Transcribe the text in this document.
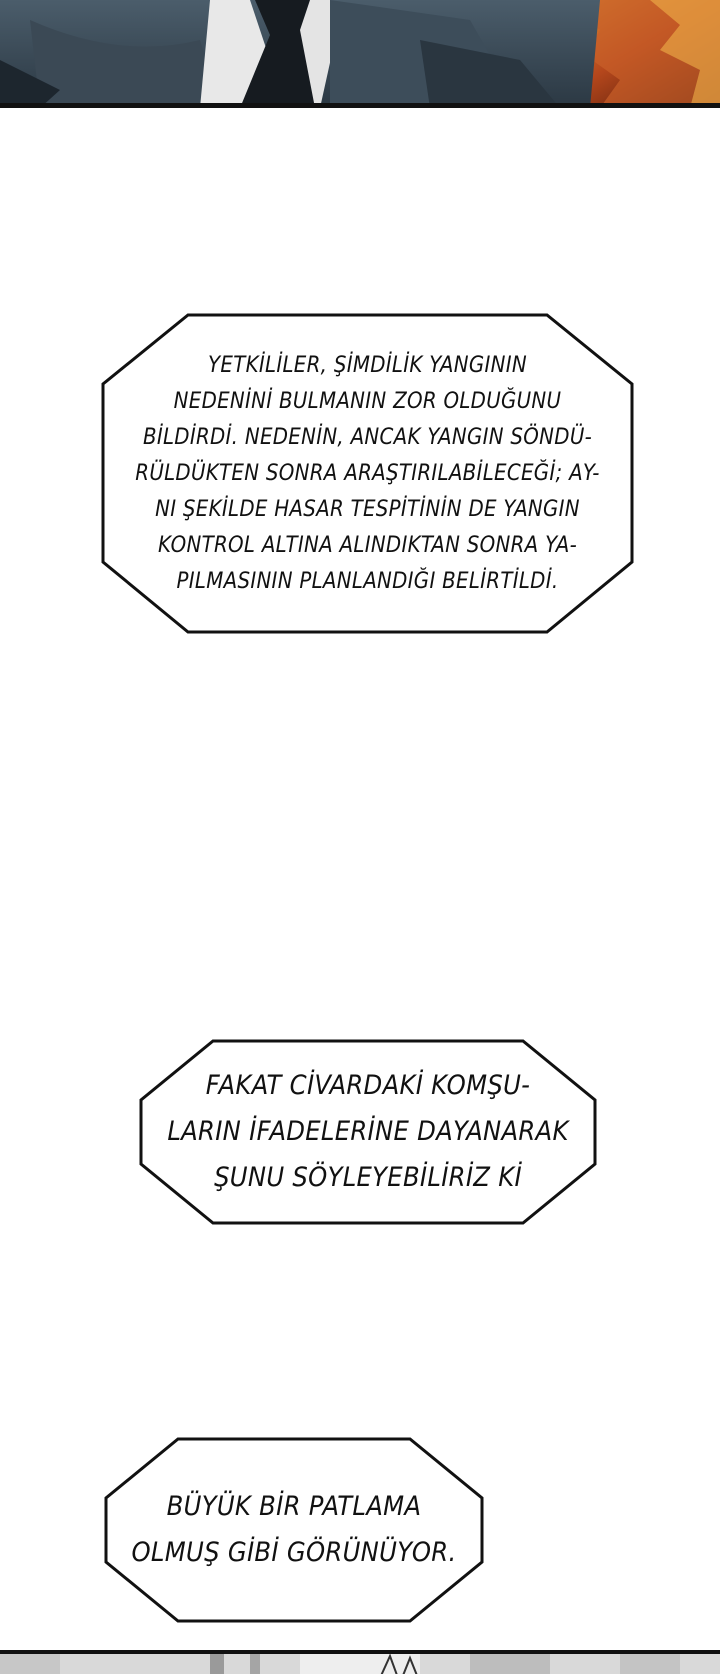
YETKİLİLER, ŞİMDİLİK YANGININ
NEDENİNİ BULMANIN ZOR OLDUĞUNU
BİLDİRDİ. NEDENİN, ANCAK YANGIN SÖNDÜ-
RÜLDÜKTEN SONRA ARAŞTIRILABİLECEĞİ; AY-
NI ŞEKİLDE HASAR TESPİTİNİN DE YANGIN
KONTROL ALTINA ALINDIKTAN SONRA YA-
PILMASININ PLANLANDIĞI BELİRTİLDİ.
FAKAT CİVARDAKİ KOMŞU-
LARIN İFADELERİNE DAYANARAK
ŞUNU SÖYLEYEBİLİRİZ Kİ
BÜYÜK BİR PATLAMA
OLMUŞ GİBİ GÖRÜNÜYOR.
